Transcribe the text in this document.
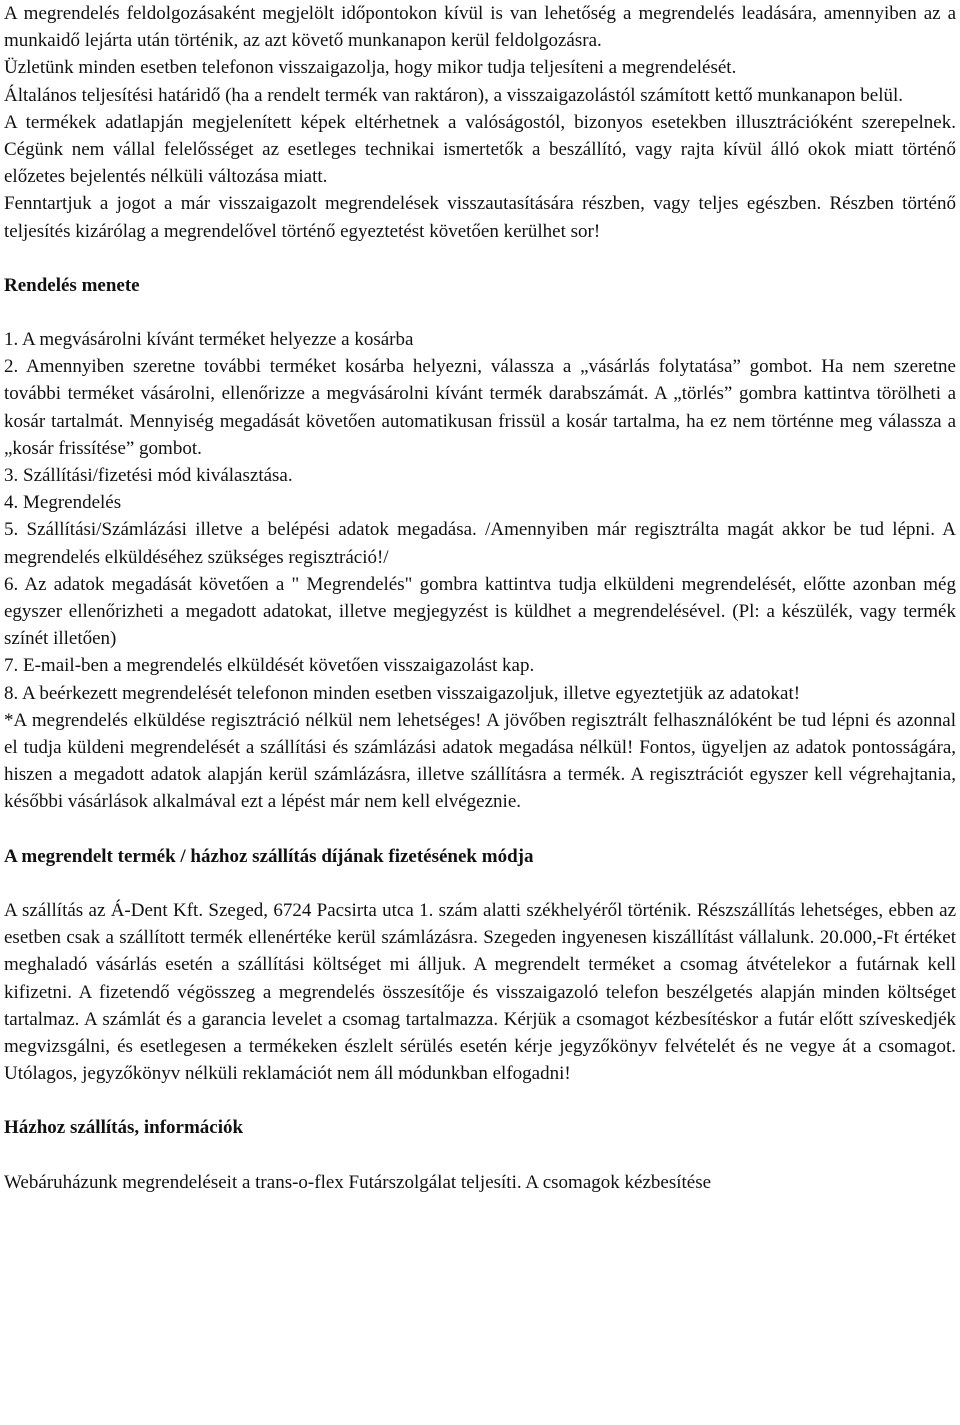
A megrendelés feldolgozásaként megjelölt időpontokon kívül is van lehetőség a megrendelés leadására, amennyiben az a munkaidő lejárta után történik, az azt követő munkanapon kerül feldolgozásra.

Üzletünk minden esetben telefonon visszaigazolja, hogy mikor tudja teljesíteni a megrendelését.

Általános teljesítési határidő (ha a rendelt termék van raktáron), a visszaigazolástól számított kettő munkanapon belül.

A termékek adatlapján megjelenített képek eltérhetnek a valóságostól, bizonyos esetekben illusztrációként szerepelnek. Cégünk nem vállal felelősséget az esetleges technikai ismertetők a beszállító, vagy rajta kívül álló okok miatt történő előzetes bejelentés nélküli változása miatt.

Fenntartjuk a jogot a már visszaigazolt megrendelések visszautasítására részben, vagy teljes egészben. Részben történő teljesítés kizárólag a megrendelővel történő egyeztetést követően kerülhet sor!

Rendelés menete

1. A megvásárolni kívánt terméket helyezze a kosárba

2. Amennyiben szeretne további terméket kosárba helyezni, válassza a „vásárlás folytatása” gombot. Ha nem szeretne további terméket vásárolni, ellenőrizze a megvásárolni kívánt termék darabszámát. A „törlés” gombra kattintva törölheti a kosár tartalmát. Mennyiség megadását követően automatikusan frissül a kosár tartalma, ha ez nem történne meg válassza a „kosár frissítése” gombot.

3. Szállítási/fizetési mód kiválasztása.

4. Megrendelés

5. Szállítási/Számlázási illetve a belépési adatok megadása. /Amennyiben már regisztrálta magát akkor be tud lépni. A megrendelés elküldéséhez szükséges regisztráció!/

6. Az adatok megadását követően a " Megrendelés" gombra kattintva tudja elküldeni megrendelését, előtte azonban még egyszer ellenőrizheti a megadott adatokat, illetve megjegyzést is küldhet a megrendelésével. (Pl: a készülék, vagy termék színét illetően)

7. E-mail-ben a megrendelés elküldését követően visszaigazolást kap.

8. A beérkezett megrendelését telefonon minden esetben visszaigazoljuk, illetve egyeztetjük az adatokat!

*A megrendelés elküldése regisztráció nélkül nem lehetséges! A jövőben regisztrált felhasználóként be tud lépni és azonnal el tudja küldeni megrendelését a szállítási és számlázási adatok megadása nélkül! Fontos, ügyeljen az adatok pontosságára, hiszen a megadott adatok alapján kerül számlázásra, illetve szállításra a termék. A regisztrációt egyszer kell végrehajtania, későbbi vásárlások alkalmával ezt a lépést már nem kell elvégeznie.

A megrendelt termék / házhoz szállítás díjának fizetésének módja

A szállítás az Á-Dent Kft. Szeged, 6724 Pacsirta utca 1. szám alatti székhelyéről történik. Részszállítás lehetséges, ebben az esetben csak a szállított termék ellenértéke kerül számlázásra. Szegeden ingyenesen kiszállítást vállalunk. 20.000,-Ft értéket meghaladó vásárlás esetén a szállítási költséget mi álljuk. A megrendelt terméket a csomag átvételekor a futárnak kell kifizetni. A fizetendő végösszeg a megrendelés összesítője és visszaigazoló telefon beszélgetés alapján minden költséget tartalmaz. A számlát és a garancia levelet a csomag tartalmazza. Kérjük a csomagot kézbesítéskor a futár előtt szíveskedjék megvizsgálni, és esetlegesen a termékeken észlelt sérülés esetén kérje jegyzőkönyv felvételét és ne vegye át a csomagot. Utólagos, jegyzőkönyv nélküli reklamációt nem áll módunkban elfogadni!

Házhoz szállítás, információk

Webáruházunk megrendeléseit a trans-o-flex Futárszolgálat teljesíti. A csomagok kézbesítése
